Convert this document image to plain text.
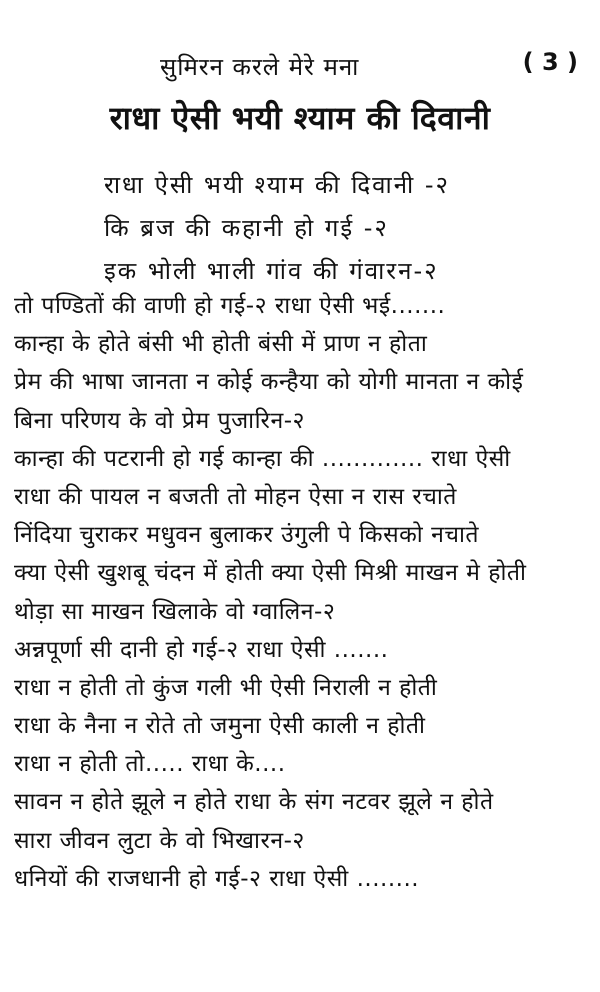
सुमिरन करले मेरे मना	( 3 )
राधा ऐसी भयी श्याम की दिवानी
राधा ऐसी भयी श्याम की दिवानी -२
कि ब्रज की कहानी हो गई -२
इक भोली भाली गांव की गंवारन-२
तो पण्डितों की वाणी हो गई-२ राधा ऐसी भई.......
कान्हा के होते बंसी भी होती बंसी में प्राण न होता
प्रेम की भाषा जानता न कोई कन्हैया को योगी मानता न कोई
बिना परिणय के वो प्रेम पुजारिन-२
कान्हा की पटरानी हो गई कान्हा की ............. राधा ऐसी
राधा की पायल न बजती तो मोहन ऐसा न रास रचाते
निंदिया चुराकर मधुवन बुलाकर उंगुली पे किसको नचाते
क्या ऐसी खुशबू चंदन में होती क्या ऐसी मिश्री माखन मे होती
थोड़ा सा माखन खिलाके वो ग्वालिन-२
अन्नपूर्णा सी दानी हो गई-२ राधा ऐसी .......
राधा न होती तो कुंज गली भी ऐसी निराली न होती
राधा के नैना न रोते तो जमुना ऐसी काली न होती
राधा न होती तो..... राधा के....
सावन न होते झूले न होते राधा के संग नटवर झूले न होते
सारा जीवन लुटा के वो भिखारन-२
धनियों की राजधानी हो गई-२ राधा ऐसी ........
